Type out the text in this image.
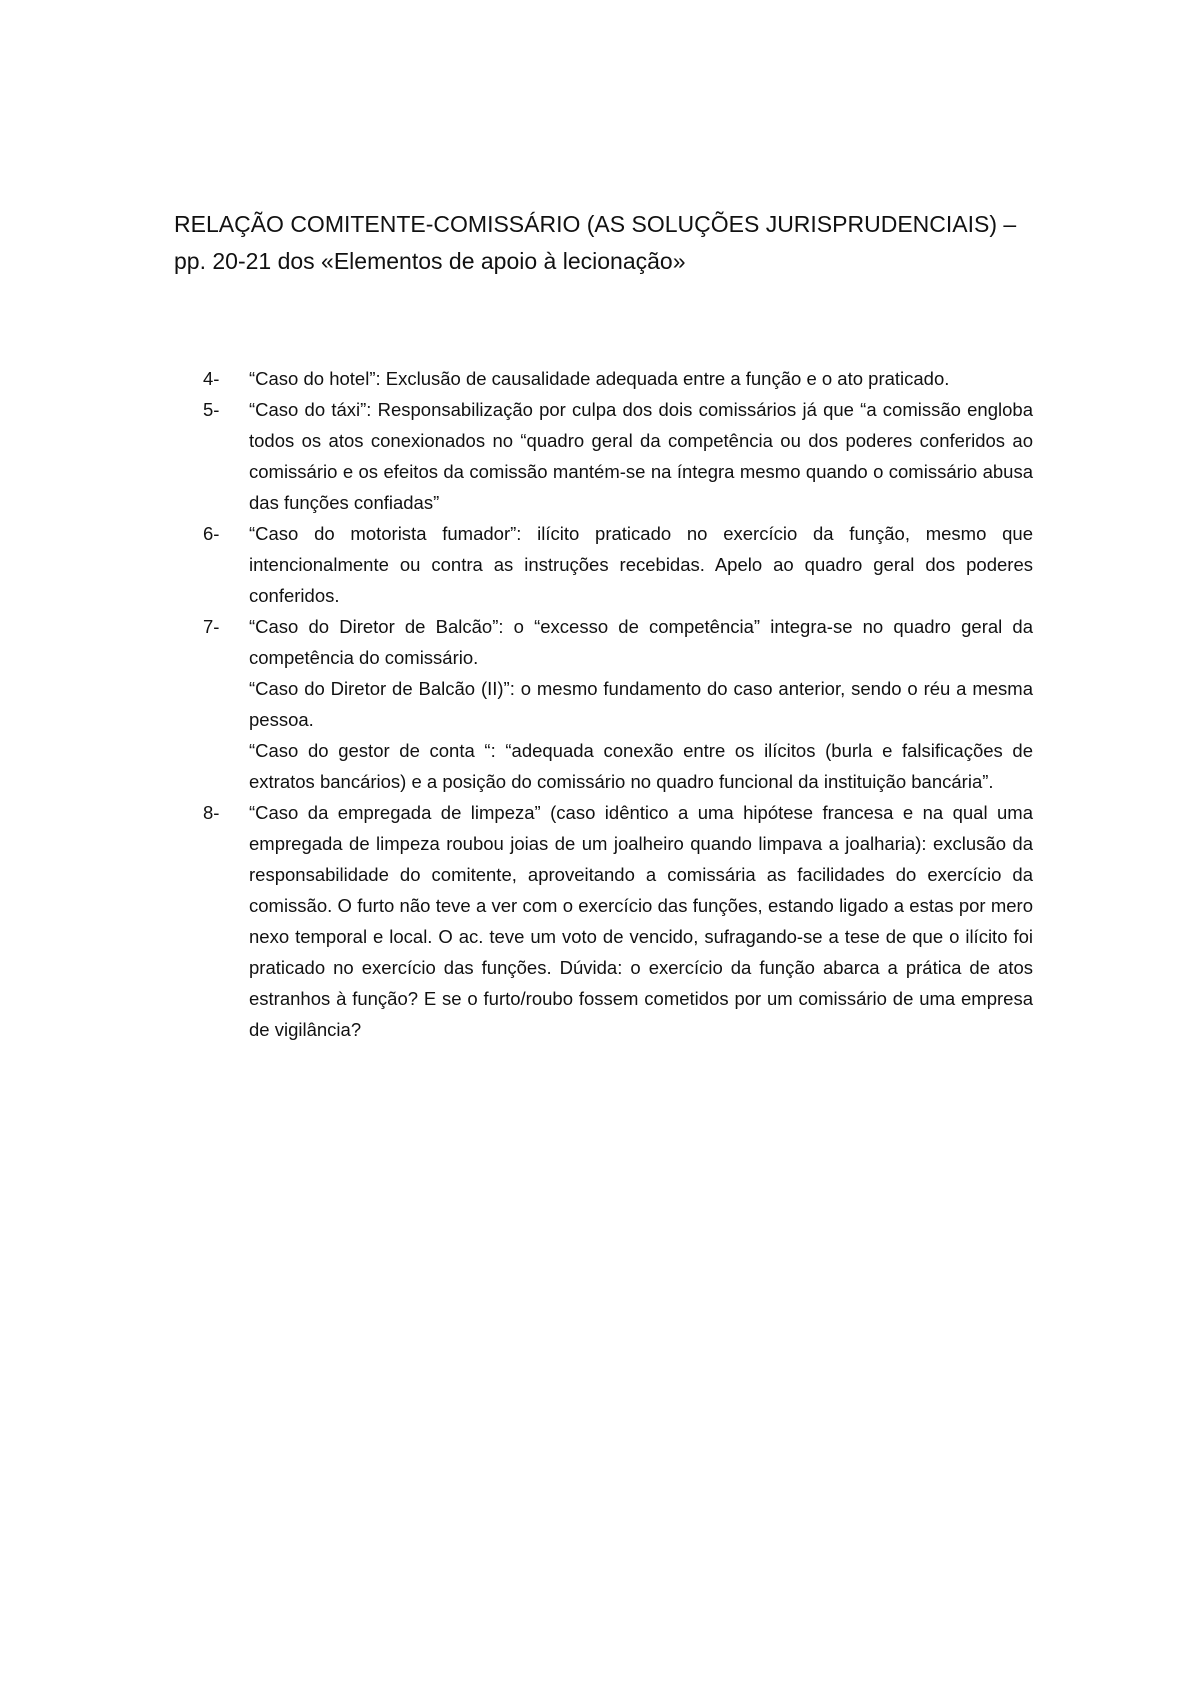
RELAÇÃO COMITENTE-COMISSÁRIO (AS SOLUÇÕES JURISPRUDENCIAIS) –
pp. 20-21 dos «Elementos de apoio à lecionação»
4- “Caso do hotel”: Exclusão de causalidade adequada entre a função e o ato praticado.
5- “Caso do táxi”: Responsabilização por culpa dos dois comissários já que “a comissão engloba todos os atos conexionados no “quadro geral da competência ou dos poderes conferidos ao comissário e os efeitos da comissão mantém-se na íntegra mesmo quando o comissário abusa das funções confiadas”
6- “Caso do motorista fumador”: ilícito praticado no exercício da função, mesmo que intencionalmente ou contra as instruções recebidas. Apelo ao quadro geral dos poderes conferidos.
7- “Caso do Diretor de Balcão”: o “excesso de competência” integra-se no quadro geral da competência do comissário.
“Caso do Diretor de Balcão (II)”: o mesmo fundamento do caso anterior, sendo o réu a mesma pessoa.
“Caso do gestor de conta “: “adequada conexão entre os ilícitos (burla e falsificações de extratos bancários) e a posição do comissário no quadro funcional da instituição bancária”.
8- “Caso da empregada de limpeza” (caso idêntico a uma hipótese francesa e na qual uma empregada de limpeza roubou joias de um joalheiro quando limpava a joalharia): exclusão da responsabilidade do comitente, aproveitando a comissária as facilidades do exercício da comissão. O furto não teve a ver com o exercício das funções, estando ligado a estas por mero nexo temporal e local. O ac. teve um voto de vencido, sufragando-se a tese de que o ilícito foi praticado no exercício das funções. Dúvida: o exercício da função abarca a prática de atos estranhos à função? E se o furto/roubo fossem cometidos por um comissário de uma empresa de vigilância?
